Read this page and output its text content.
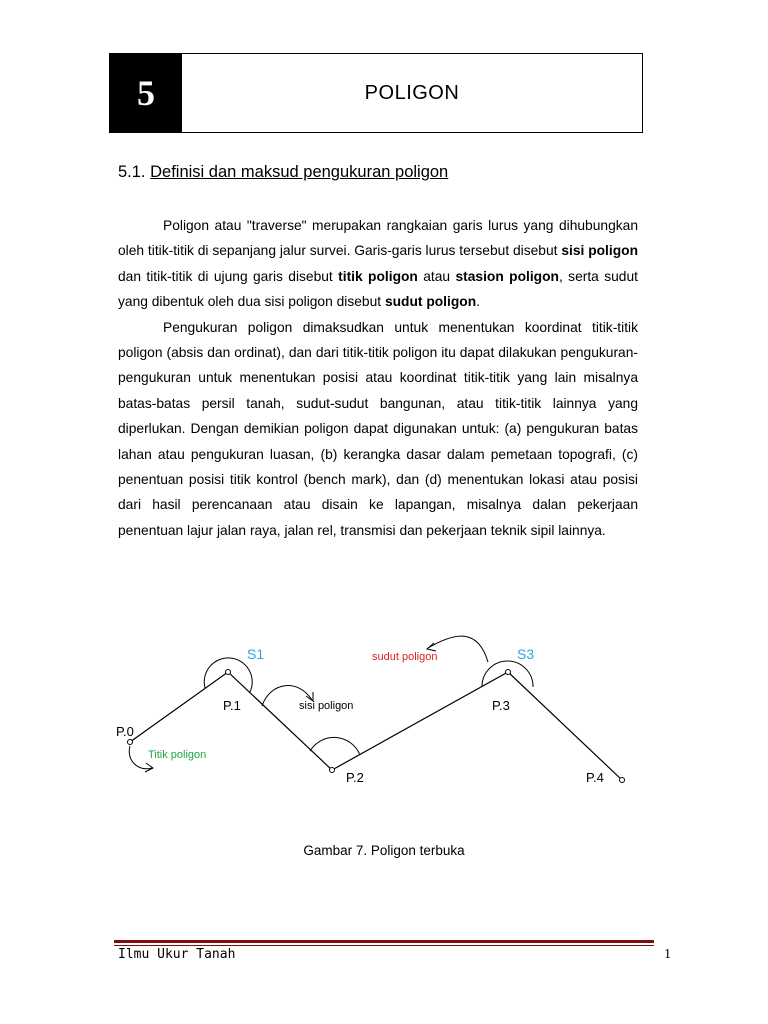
5	POLIGON
5.1. Definisi dan maksud pengukuran poligon

Poligon atau "traverse" merupakan rangkaian garis lurus yang dihubungkan oleh titik-titik di sepanjang jalur survei. Garis-garis lurus tersebut disebut sisi poligon dan titik-titik di ujung garis disebut titik poligon atau stasion poligon, serta sudut yang dibentuk oleh dua sisi poligon disebut sudut poligon.

Pengukuran poligon dimaksudkan untuk menentukan koordinat titik-titik poligon (absis dan ordinat), dan dari titik-titik poligon itu dapat dilakukan pengukuran-pengukuran untuk menentukan posisi atau koordinat titik-titik yang lain misalnya batas-batas persil tanah, sudut-sudut bangunan, atau titik-titik lainnya yang diperlukan. Dengan demikian poligon dapat digunakan untuk: (a) pengukuran batas lahan atau pengukuran luasan, (b) kerangka dasar dalam pemetaan topografi, (c) penentuan posisi titik kontrol (bench mark), dan (d) menentukan lokasi atau posisi dari hasil perencanaan atau disain ke lapangan, misalnya dalan pekerjaan penentuan lajur jalan raya, jalan rel, transmisi dan pekerjaan teknik sipil lainnya.

P.0
P.1
P.2
P.3
P.4
S1	S3
sisi poligon
sudut poligon
Titik poligon
Gambar 7. Poligon terbuka
Ilmu Ukur Tanah	1
